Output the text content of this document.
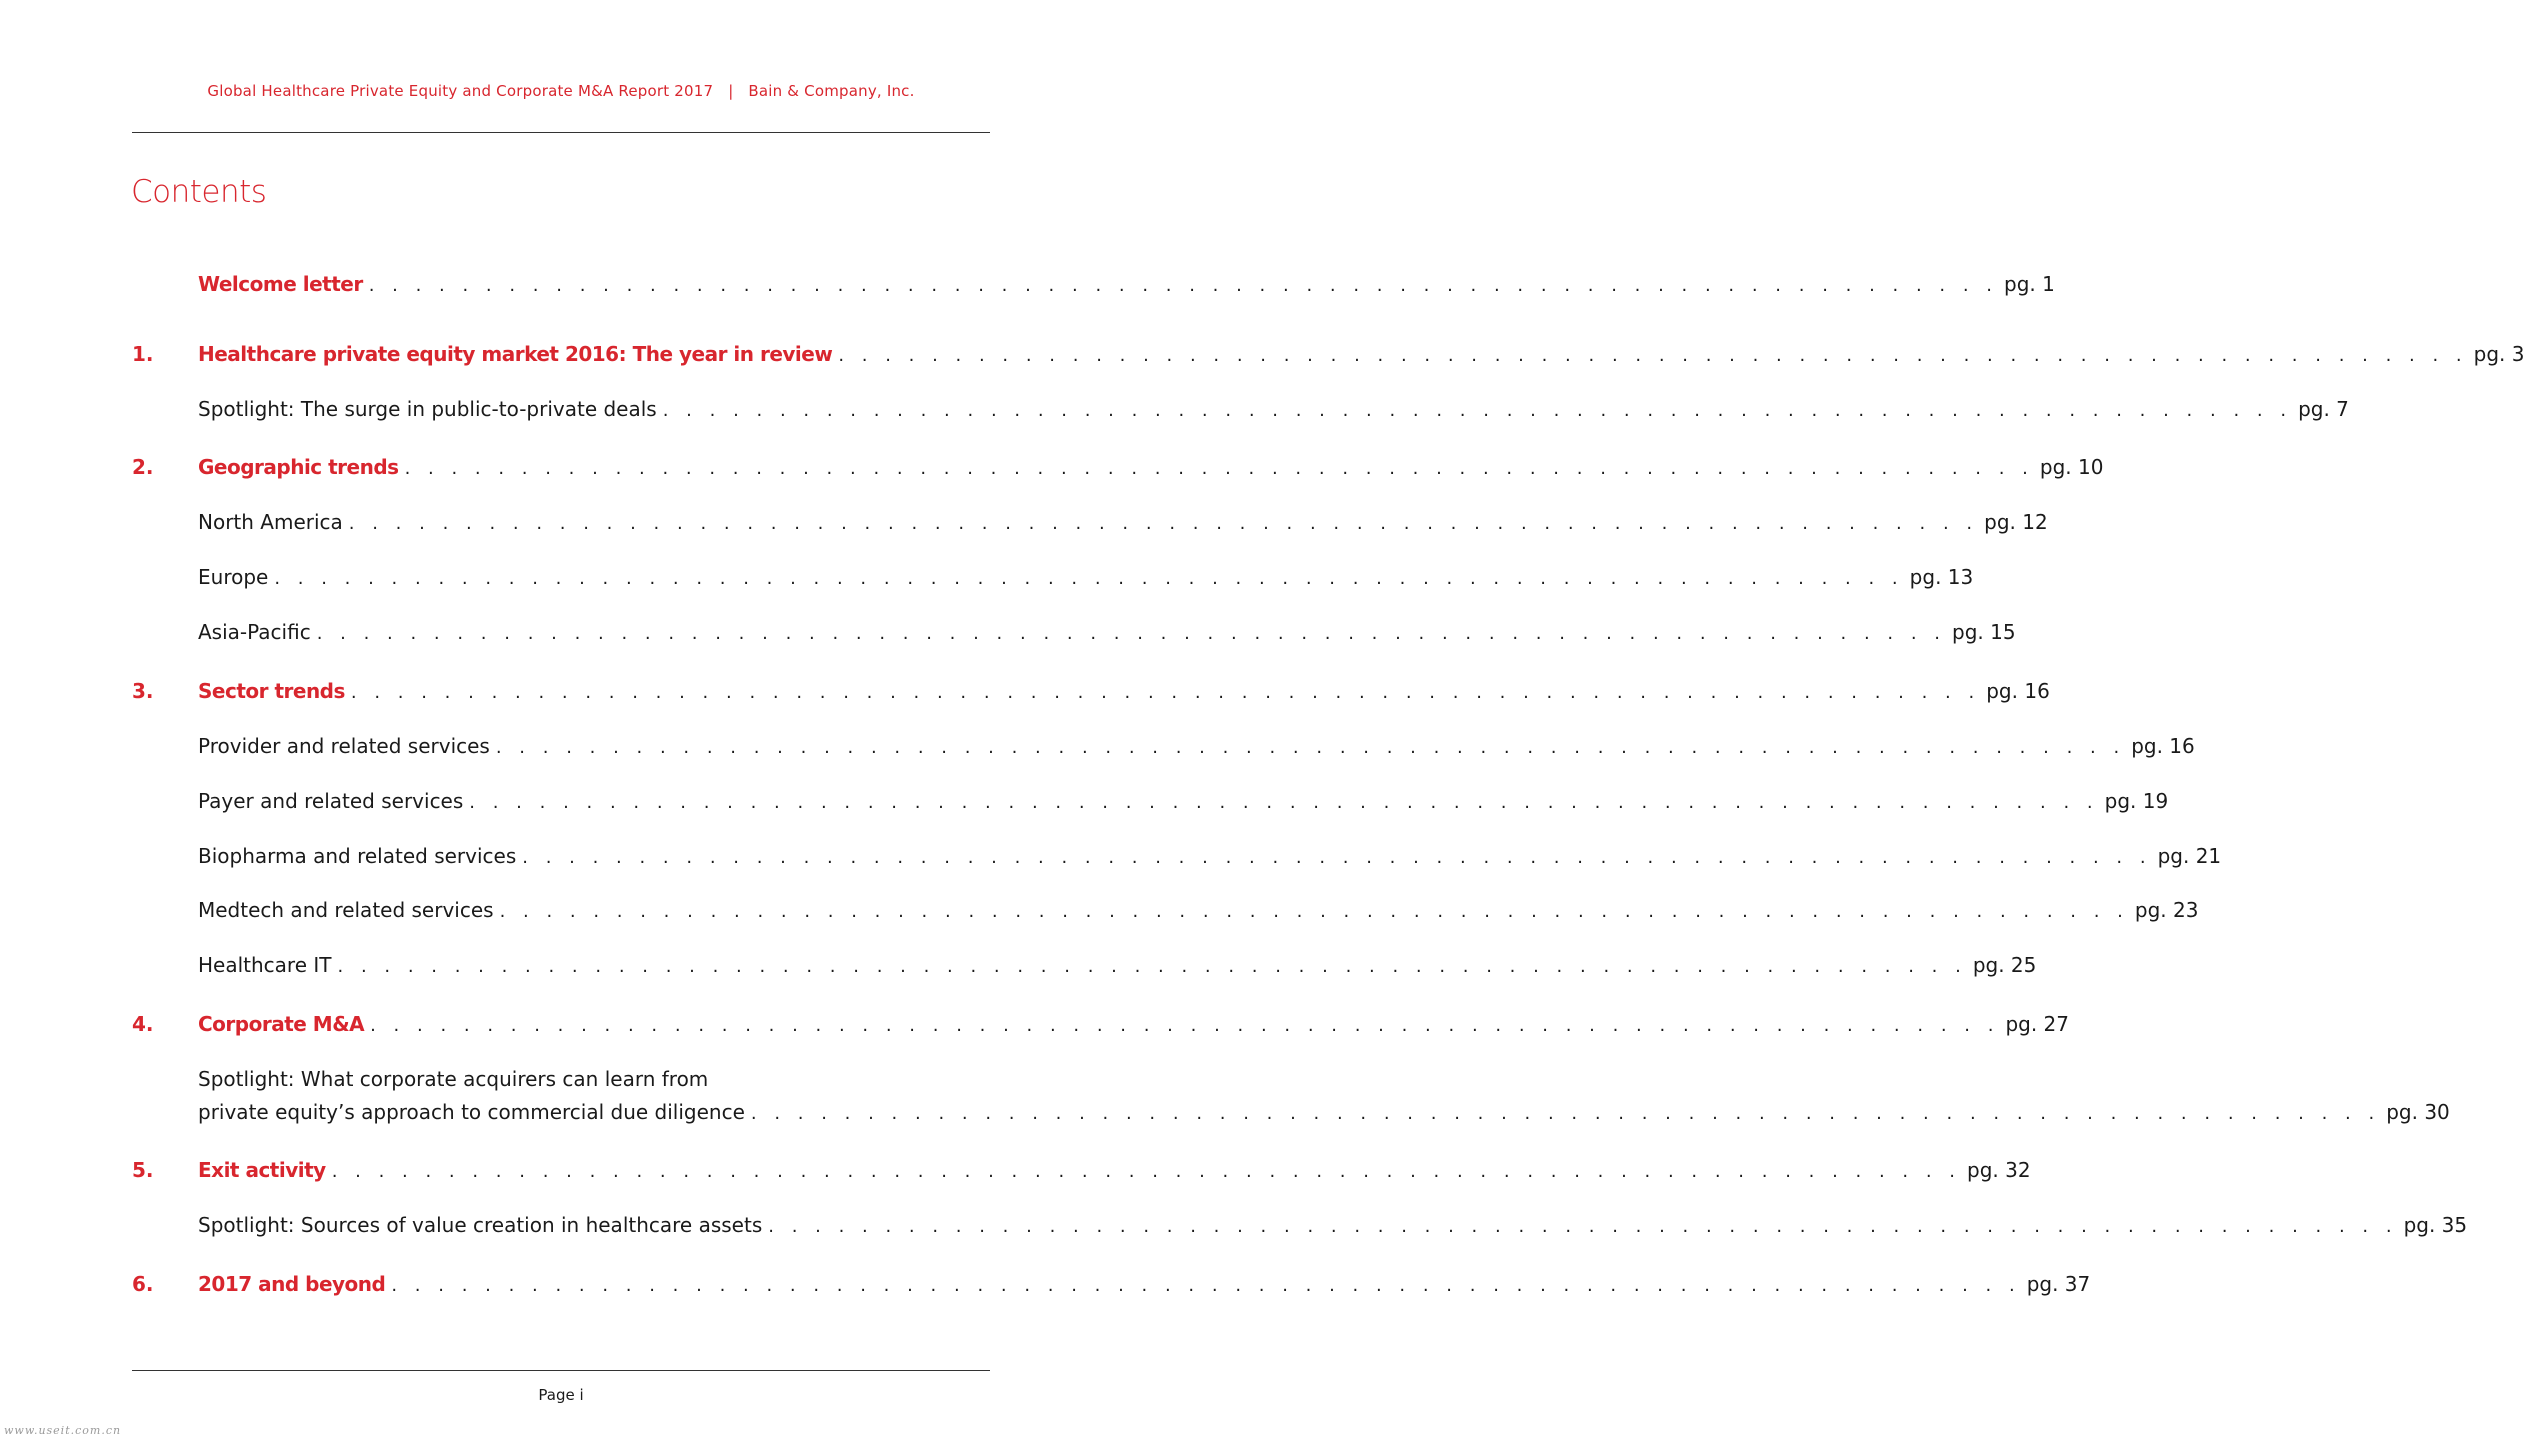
Global Healthcare Private Equity and Corporate M&A Report 2017 | Bain & Company, Inc.
Contents
Welcome letter . . . . . . . . . . . . . . . . . . . . . . . . . . . . . . . . . . . . . . . . . . . . . . . . . . . . . . . . . . . . . . . . . . . . . . pg. 1
1. Healthcare private equity market 2016: The year in review . . . . . . . . . . . . . . . . . . . . . . . . . . . . . . . . . . . . . . . . . . . . . . . . . . . . . . . . . . . . . . . . . . . . . . pg. 3
Spotlight: The surge in public-to-private deals . . . . . . . . . . . . . . . . . . . . . . . . . . . . . . . . . . . . . . . . . . . . . . . . . . . . . . . . . . . . . . . . . . . . . . pg. 7
2. Geographic trends . . . . . . . . . . . . . . . . . . . . . . . . . . . . . . . . . . . . . . . . . . . . . . . . . . . . . . . . . . . . . . . . . . . . . . pg. 10
North America . . . . . . . . . . . . . . . . . . . . . . . . . . . . . . . . . . . . . . . . . . . . . . . . . . . . . . . . . . . . . . . . . . . . . . pg. 12
Europe . . . . . . . . . . . . . . . . . . . . . . . . . . . . . . . . . . . . . . . . . . . . . . . . . . . . . . . . . . . . . . . . . . . . . . pg. 13
Asia-Pacific . . . . . . . . . . . . . . . . . . . . . . . . . . . . . . . . . . . . . . . . . . . . . . . . . . . . . . . . . . . . . . . . . . . . . . pg. 15
3. Sector trends . . . . . . . . . . . . . . . . . . . . . . . . . . . . . . . . . . . . . . . . . . . . . . . . . . . . . . . . . . . . . . . . . . . . . . pg. 16
Provider and related services . . . . . . . . . . . . . . . . . . . . . . . . . . . . . . . . . . . . . . . . . . . . . . . . . . . . . . . . . . . . . . . . . . . . . . pg. 16
Payer and related services . . . . . . . . . . . . . . . . . . . . . . . . . . . . . . . . . . . . . . . . . . . . . . . . . . . . . . . . . . . . . . . . . . . . . . pg. 19
Biopharma and related services . . . . . . . . . . . . . . . . . . . . . . . . . . . . . . . . . . . . . . . . . . . . . . . . . . . . . . . . . . . . . . . . . . . . . . pg. 21
Medtech and related services . . . . . . . . . . . . . . . . . . . . . . . . . . . . . . . . . . . . . . . . . . . . . . . . . . . . . . . . . . . . . . . . . . . . . . pg. 23
Healthcare IT . . . . . . . . . . . . . . . . . . . . . . . . . . . . . . . . . . . . . . . . . . . . . . . . . . . . . . . . . . . . . . . . . . . . . . pg. 25
4. Corporate M&A . . . . . . . . . . . . . . . . . . . . . . . . . . . . . . . . . . . . . . . . . . . . . . . . . . . . . . . . . . . . . . . . . . . . . . pg. 27
Spotlight: What corporate acquirers can learn from
private equity’s approach to commercial due diligence . . . . . . . . . . . . . . . . . . . . . . . . . . . . . . . . . . . . . . . . . . . . . . . . . . . . . . . . . . . . . . . . . . . . . . pg. 30
5. Exit activity . . . . . . . . . . . . . . . . . . . . . . . . . . . . . . . . . . . . . . . . . . . . . . . . . . . . . . . . . . . . . . . . . . . . . . pg. 32
Spotlight: Sources of value creation in healthcare assets . . . . . . . . . . . . . . . . . . . . . . . . . . . . . . . . . . . . . . . . . . . . . . . . . . . . . . . . . . . . . . . . . . . . . . pg. 35
6. 2017 and beyond . . . . . . . . . . . . . . . . . . . . . . . . . . . . . . . . . . . . . . . . . . . . . . . . . . . . . . . . . . . . . . . . . . . . . . pg. 37
Page i
www.useit.com.cn
